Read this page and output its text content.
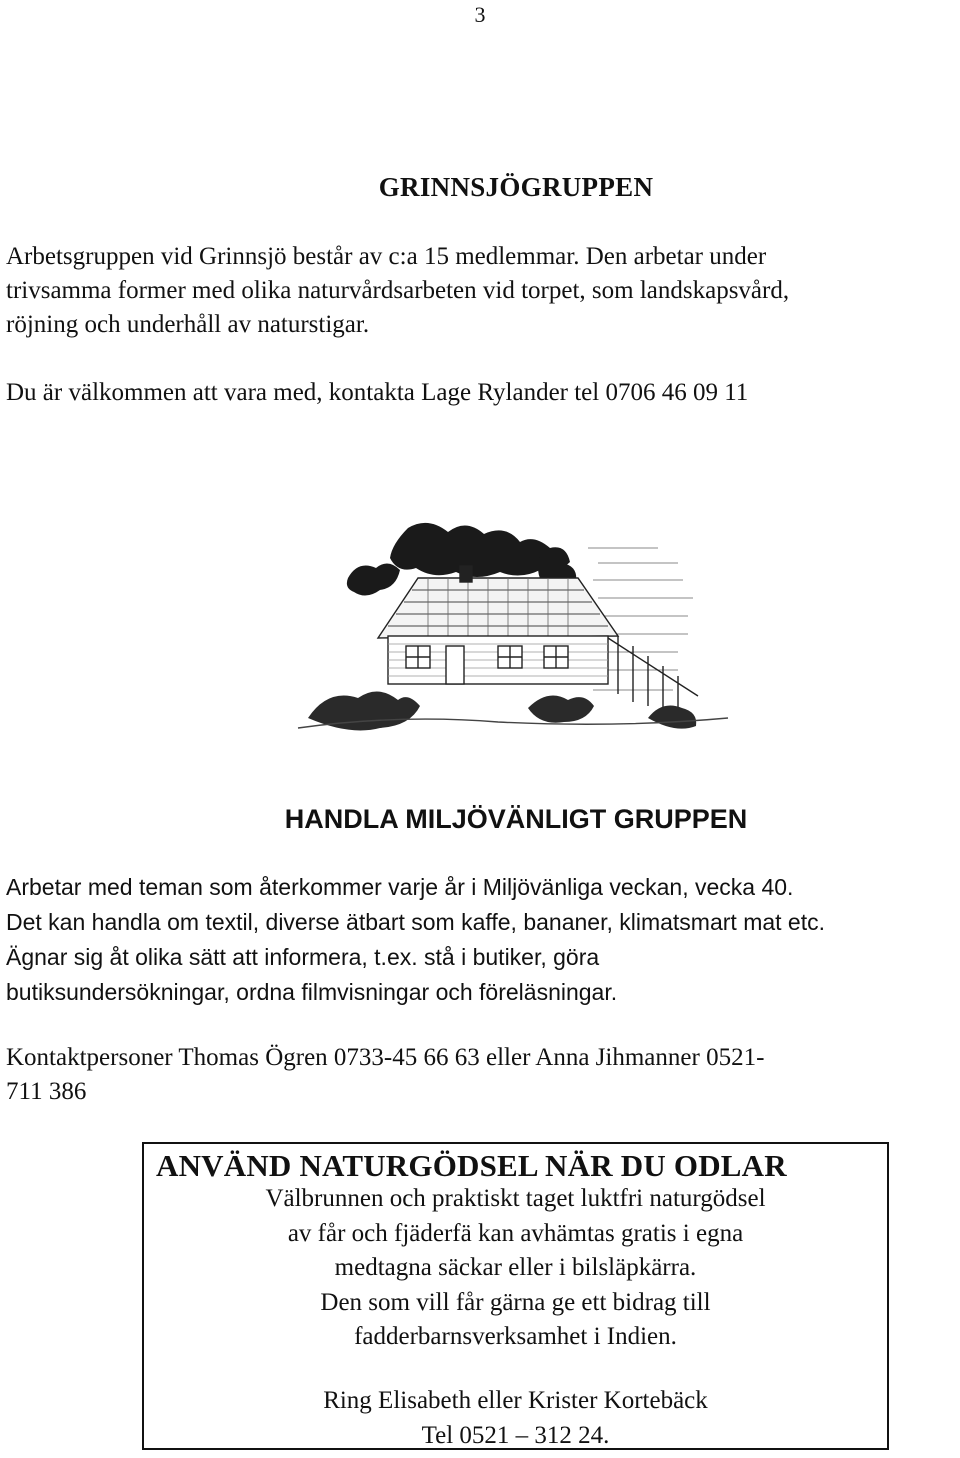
3
GRINNSJÖGRUPPEN
Arbetsgruppen vid Grinnsjö består av c:a 15 medlemmar. Den arbetar under
trivsamma former med olika naturvårdsarbeten vid torpet, som landskapsvård,
röjning och underhåll av naturstigar.
Du är välkommen att vara med, kontakta Lage Rylander tel 0706 46 09 11
HANDLA MILJÖVÄNLIGT GRUPPEN
Arbetar med teman som återkommer varje år i Miljövänliga veckan, vecka 40.
Det kan handla om textil, diverse ätbart som kaffe, bananer, klimatsmart mat etc.
Ägnar sig åt olika sätt att informera, t.ex. stå i butiker, göra
butiksundersökningar, ordna filmvisningar och föreläsningar.
Kontaktpersoner Thomas Ögren 0733-45 66 63 eller Anna Jihmanner 0521-
711 386
ANVÄND NATURGÖDSEL NÄR DU ODLAR
Välbrunnen och praktiskt taget luktfri naturgödsel
av får och fjäderfä kan avhämtas gratis i egna
medtagna säckar eller i bilsläpkärra.
Den som vill får gärna ge ett bidrag till
fadderbarnsverksamhet i Indien.
Ring Elisabeth eller Krister Kortebäck
Tel 0521 – 312 24.
